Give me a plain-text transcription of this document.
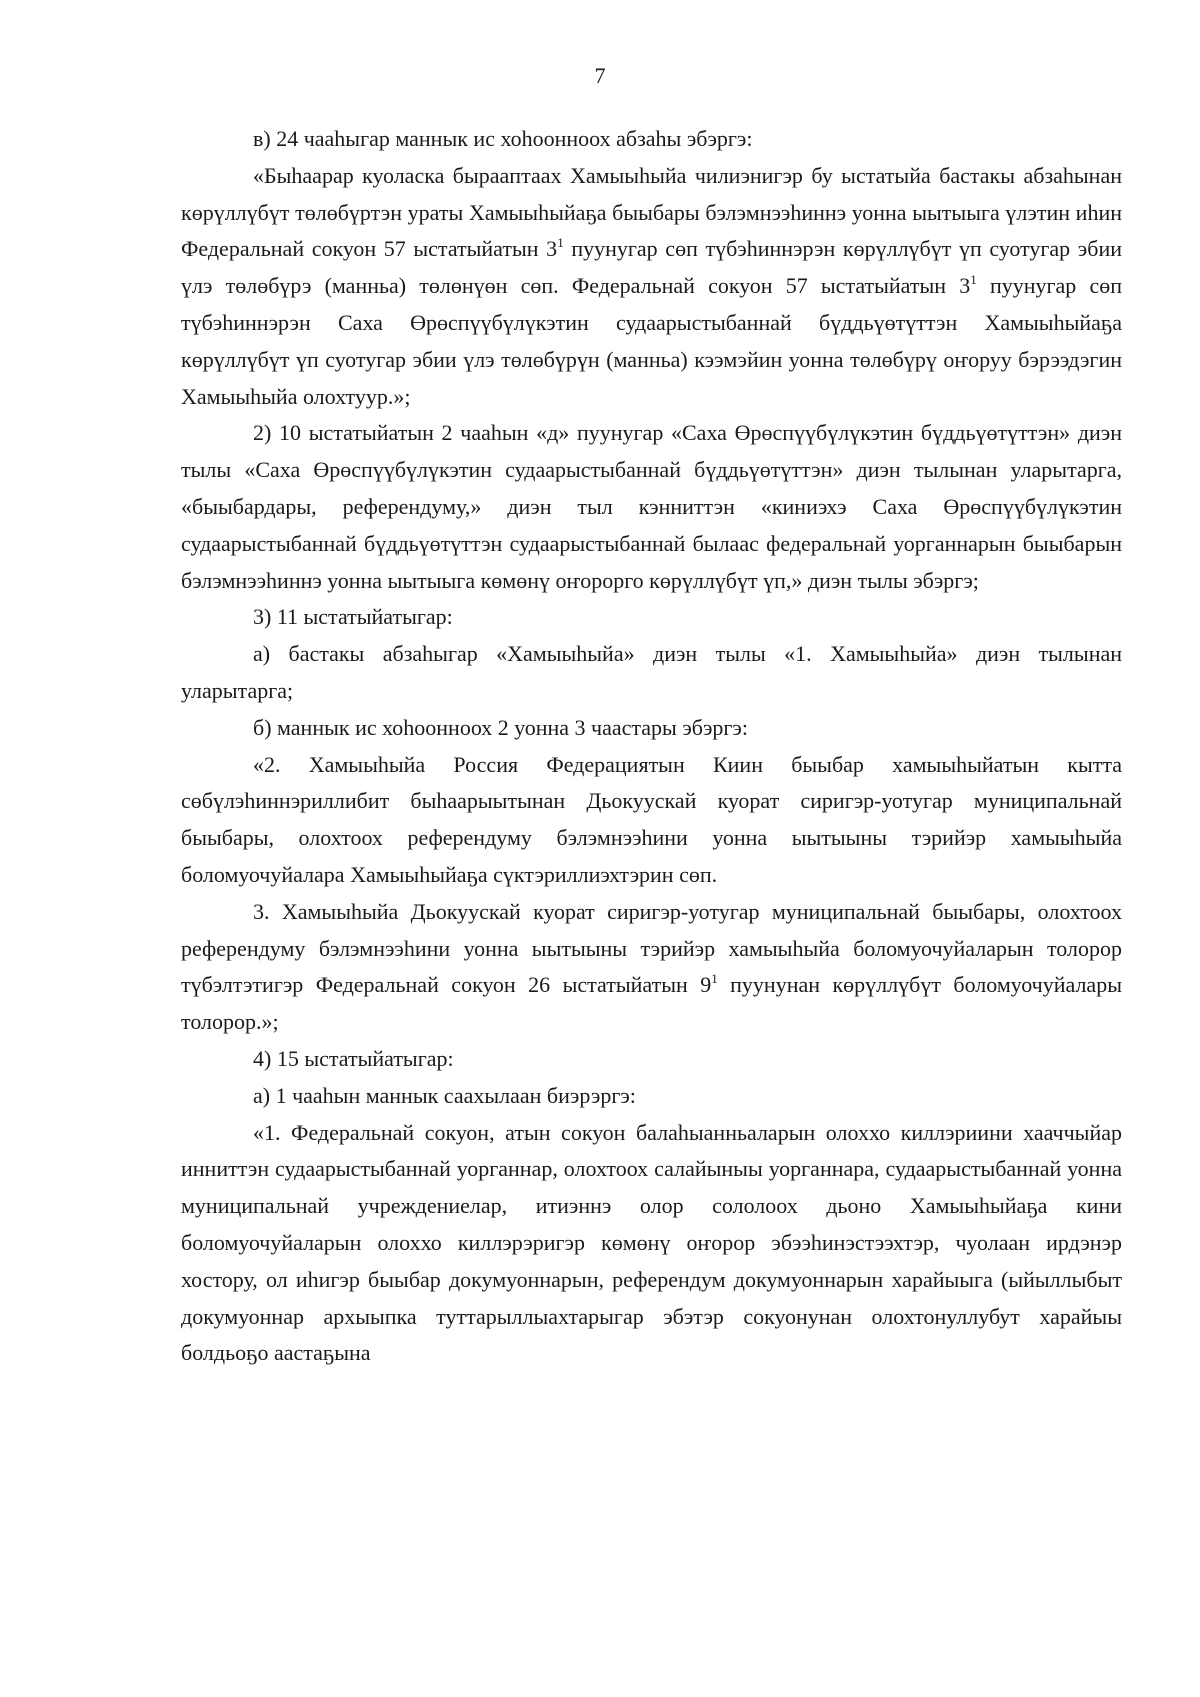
7

в) 24 чааһыгар маннык ис хоһоонноох абзаһы эбэргэ:

«Быһаарар куоласка быраaптаах Хамыыһыйа чилиэнигэр бу ыстатыйа бастакы абзаһынан көрүллүбүт төлөбүртэн ураты Хамыыһыйаҕа быыбары бэлэмнээһиннэ уонна ыытыыга үлэтин иһин Федеральнай сокуон 57 ыстатыйатын $3^1$ пуунугар сөп түбэһиннэрэн көрүллүбүт үп суотугар эбии үлэ төлөбүрэ (манньа) төлөнүөн сөп. Федеральнай сокуон 57 ыстатыйатын $3^1$ пуунугар сөп түбэһиннэрэн Саха Өрөспүүбүлүкэтин судаарыстыбаннай бүддьүөтүттэн Хамыыһыйаҕа көрүллүбүт үп суотугар эбии үлэ төлөбүрүн (манньа) кээмэйин уонна төлөбүрү оҥоруу бэрээдэгин Хамыыһыйа олохтуур.»;

2) 10 ыстатыйатын 2 чааһын «д» пуунугар «Саха Өрөспүүбүлүкэтин бүддьүөтүттэн» диэн тылы «Саха Өрөспүүбүлүкэтин судаарыстыбаннай бүддьүөтүттэн» диэн тылынан уларытарга, «быыбардары, референдуму,» диэн тыл кэнниттэн «киниэхэ Саха Өрөспүүбүлүкэтин судаарыстыбаннай бүддьүөтүттэн судаарыстыбаннай былаас федеральнай уорганнарын быыбарын бэлэмнээһиннэ уонна ыытыыга көмөнү оҥорорго көрүллүбүт үп,» диэн тылы эбэргэ;

3) 11 ыстатыйатыгар:

а) бастакы абзаһыгар «Хамыыһыйа» диэн тылы «1. Хамыыһыйа» диэн тылынан уларытарга;

б) маннык ис хоһоонноох 2 уонна 3 чаастары эбэргэ:

«2. Хамыыһыйа Россия Федерациятын Киин быыбар хамыыһыйатын кытта сөбүлэһиннэриллибит быһаарыытынан Дьокуускай куорат сиригэр-уотугар муниципальнай быыбары, олохтоох референдуму бэлэмнээһини уонна ыытыыны тэрийэр хамыыһыйа боломуочуйалара Хамыыһыйаҕа сүктэриллиэхтэрин сөп.

3. Хамыыһыйа Дьокуускай куорат сиригэр-уотугар муниципальнай быыбары, олохтоох референдуму бэлэмнээһини уонна ыытыыны тэрийэр хамыыһыйа боломуочуйаларын толорор түбэлтэтигэр Федеральнай сокуон 26 ыстатыйатын $9^1$ пуунунан көрүллүбүт боломуочуйалары толорор.»;

4) 15 ыстатыйатыгар:

а) 1 чааһын маннык саахылаан биэрэргэ:

«1. Федеральнай сокуон, атын сокуон балаһыанньаларын олоххо киллэриини хааччыйар инниттэн судаарыстыбаннай уорганнар, олохтоох салайыныы уорганнара, судаарыстыбаннай уонна муниципальнай учреждениелар, итиэннэ олор сололоох дьоно Хамыыһыйаҕа кини боломуочуйаларын олоххо киллэрэригэр көмөнү оҥорор эбээһинэстээхтэр, чуолаан ирдэнэр хостору, ол иһигэр быыбар докумуоннарын, референдум докумуоннарын харайыыга (ыйыллыбыт докумуоннар архыыпка туттарыллыахтарыгар эбэтэр сокуонунан олохтонуллубут харайыы болдьоҕо аастаҕына
